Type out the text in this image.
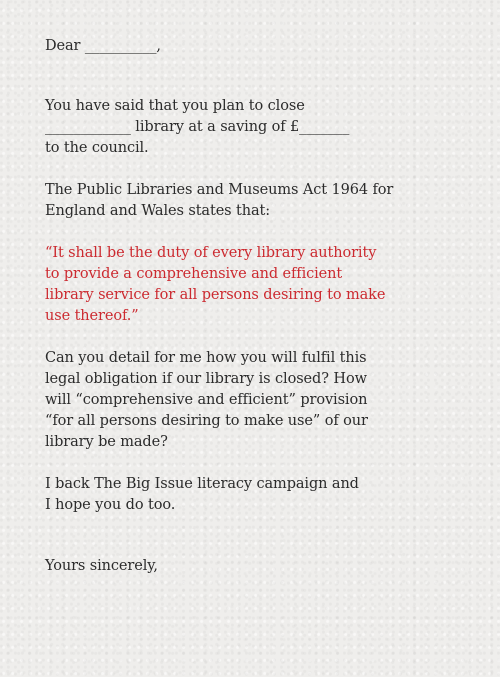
Dear __________,
You have said that you plan to close
____________ library at a saving of £_______
to the council.
The Public Libraries and Museums Act 1964 for
England and Wales states that:
“It shall be the duty of every library authority
to provide a comprehensive and efficient
library service for all persons desiring to make
use thereof.”
Can you detail for me how you will fulfil this
legal obligation if our library is closed? How
will “comprehensive and efficient” provision
“for all persons desiring to make use” of our
library be made?
I back The Big Issue literacy campaign and
I hope you do too.
Yours sincerely,
